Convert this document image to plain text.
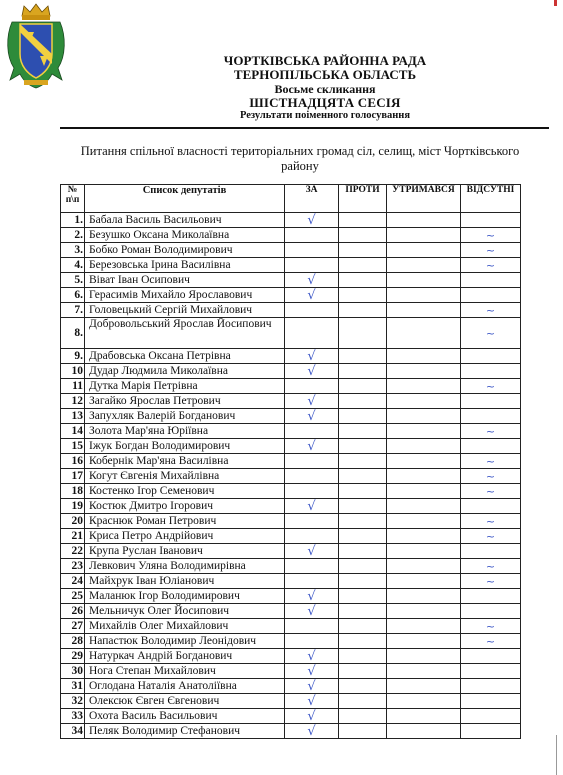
ЧОРТКІВСЬКА РАЙОННА РАДА
ТЕРНОПІЛЬСЬКА ОБЛАСТЬ
Восьме скликання
ШІСТНАДЦЯТА СЕСІЯ
Результати поіменного голосування
Питання спільної власності територіальних громад сіл, селищ, міст Чортківського району
№ п\п	Список депутатів	ЗА	ПРОТИ	УТРИМАВСЯ	ВІДСУТНІ
1.	Бабала Василь Васильович	√			
2.	Безушко Оксана Миколаївна				~
3.	Бобко Роман Володимирович				~
4.	Березовська Ірина Василівна				~
5.	Віват Іван Осипович	√			
6.	Герасимів Михайло Ярославович	√			
7.	Головецький Сергій Михайлович				~
8.	Добровольський Ярослав Йосипович				~
9.	Драбовська Оксана Петрівна	√			
10	Дудар Людмила Миколаївна	√			
11	Дутка Марія Петрівна				~
12	Загайко Ярослав Петрович	√			
13	Запухляк Валерій Богданович	√			
14	Золота Мар'яна Юріївна				~
15	Іжук Богдан Володимирович	√			
16	Кобернік Мар'яна Василівна				~
17	Когут Євгенія Михайлівна				~
18	Костенко Ігор Семенович				~
19	Костюк Дмитро Ігорович	√			
20	Краснюк Роман Петрович				~
21	Криса Петро Андрійович				~
22	Крупа Руслан Іванович	√			
23	Левкович Уляна Володимирівна				~
24	Майхрук Іван Юліанович				~
25	Маланюк Ігор Володимирович	√			
26	Мельничук Олег Йосипович	√			
27	Михайлів Олег Михайлович				~
28	Напастюк Володимир Леонідович				~
29	Натуркач Андрій Богданович	√			
30	Нога Степан Михайлович	√			
31	Оглодана Наталія Анатоліївна	√			
32	Олексюк Євген Євгенович	√			
33	Охота Василь Васильович	√			
34	Пеляк Володимир Стефанович	√			
